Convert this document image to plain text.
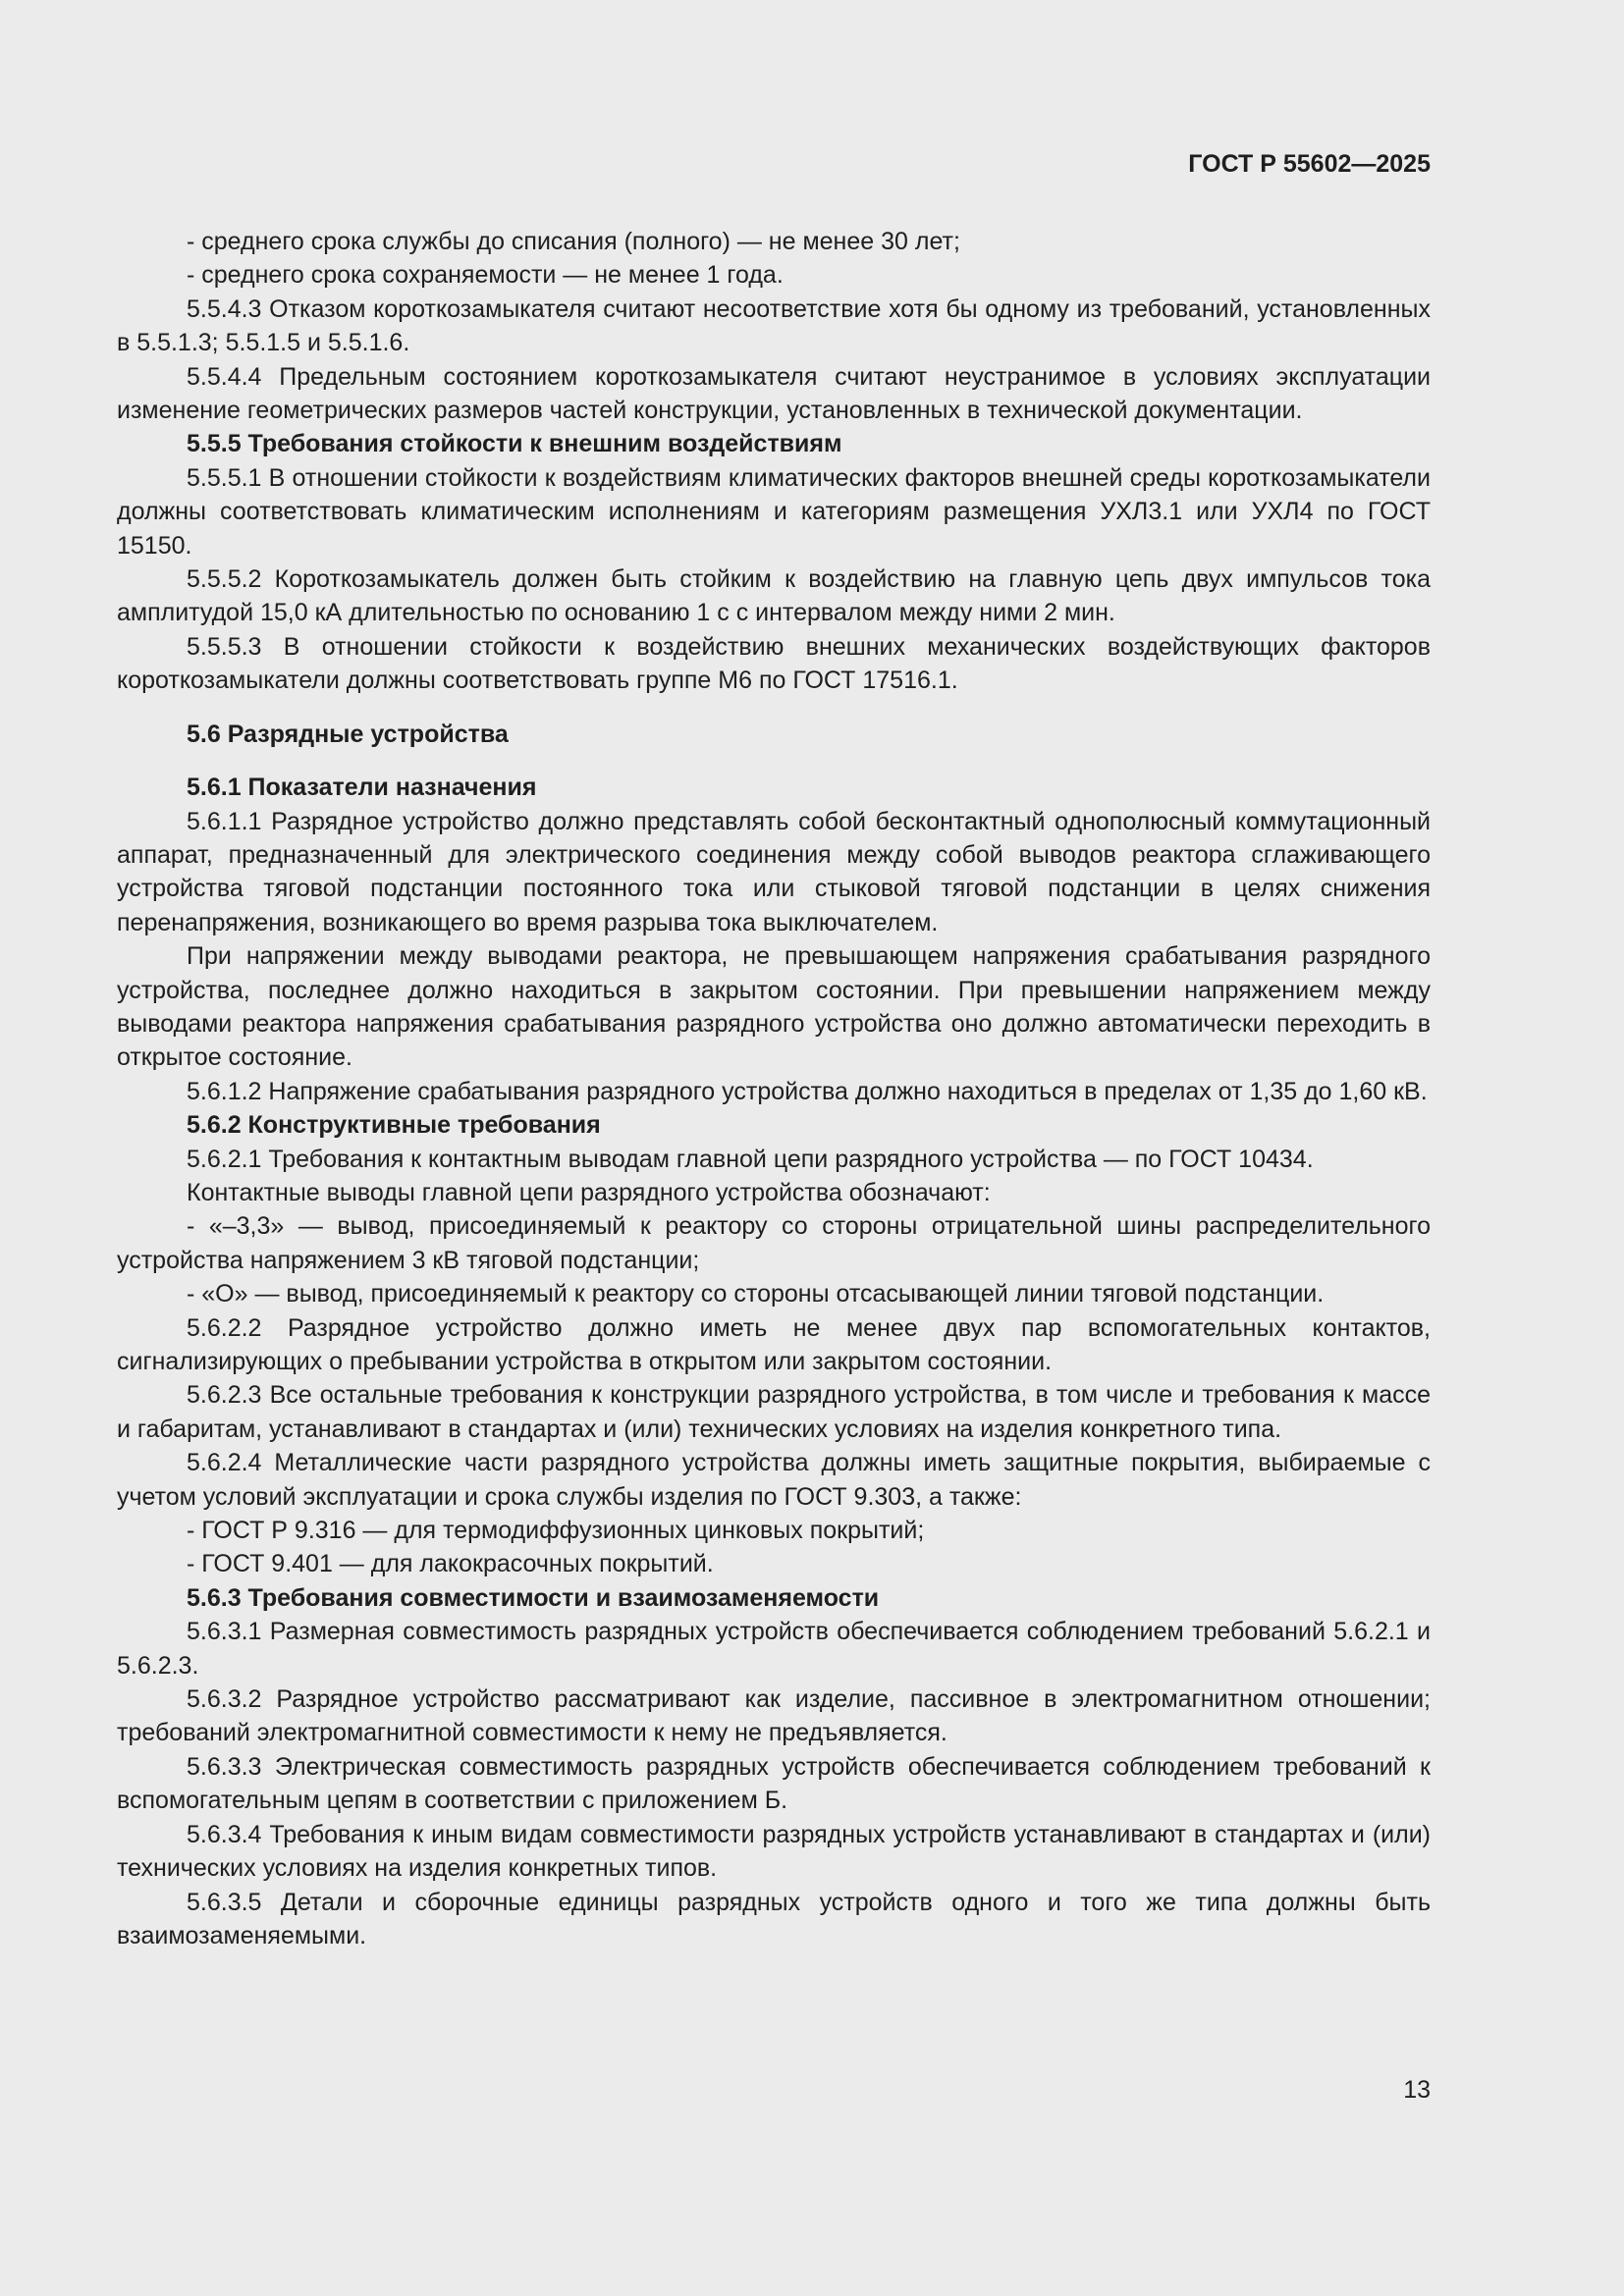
ГОСТ Р 55602—2025

- среднего срока службы до списания (полного) — не менее 30 лет;

- среднего срока сохраняемости — не менее 1 года.

5.5.4.3 Отказом короткозамыкателя считают несоответствие хотя бы одному из требований, установленных в 5.5.1.3; 5.5.1.5 и 5.5.1.6.

5.5.4.4 Предельным состоянием короткозамыкателя считают неустранимое в условиях эксплуатации изменение геометрических размеров частей конструкции, установленных в технической документации.

5.5.5 Требования стойкости к внешним воздействиям

5.5.5.1 В отношении стойкости к воздействиям климатических факторов внешней среды короткозамыкатели должны соответствовать климатическим исполнениям и категориям размещения УХЛ3.1 или УХЛ4 по ГОСТ 15150.

5.5.5.2 Короткозамыкатель должен быть стойким к воздействию на главную цепь двух импульсов тока амплитудой 15,0 кА длительностью по основанию 1 с с интервалом между ними 2 мин.

5.5.5.3 В отношении стойкости к воздействию внешних механических воздействующих факторов короткозамыкатели должны соответствовать группе М6 по ГОСТ 17516.1.

5.6 Разрядные устройства

5.6.1 Показатели назначения

5.6.1.1 Разрядное устройство должно представлять собой бесконтактный однополюсный коммутационный аппарат, предназначенный для электрического соединения между собой выводов реактора сглаживающего устройства тяговой подстанции постоянного тока или стыковой тяговой подстанции в целях снижения перенапряжения, возникающего во время разрыва тока выключателем.

При напряжении между выводами реактора, не превышающем напряжения срабатывания разрядного устройства, последнее должно находиться в закрытом состоянии. При превышении напряжением между выводами реактора напряжения срабатывания разрядного устройства оно должно автоматически переходить в открытое состояние.

5.6.1.2 Напряжение срабатывания разрядного устройства должно находиться в пределах от 1,35 до 1,60 кВ.

5.6.2 Конструктивные требования

5.6.2.1 Требования к контактным выводам главной цепи разрядного устройства — по ГОСТ 10434.

Контактные выводы главной цепи разрядного устройства обозначают:

- «–3,3» — вывод, присоединяемый к реактору со стороны отрицательной шины распределительного устройства напряжением 3 кВ тяговой подстанции;

- «О» — вывод, присоединяемый к реактору со стороны отсасывающей линии тяговой подстанции.

5.6.2.2 Разрядное устройство должно иметь не менее двух пар вспомогательных контактов, сигнализирующих о пребывании устройства в открытом или закрытом состоянии.

5.6.2.3 Все остальные требования к конструкции разрядного устройства, в том числе и требования к массе и габаритам, устанавливают в стандартах и (или) технических условиях на изделия конкретного типа.

5.6.2.4 Металлические части разрядного устройства должны иметь защитные покрытия, выбираемые с учетом условий эксплуатации и срока службы изделия по ГОСТ 9.303, а также:

- ГОСТ Р 9.316 — для термодиффузионных цинковых покрытий;

- ГОСТ 9.401 — для лакокрасочных покрытий.

5.6.3 Требования совместимости и взаимозаменяемости

5.6.3.1 Размерная совместимость разрядных устройств обеспечивается соблюдением требований 5.6.2.1 и 5.6.2.3.

5.6.3.2 Разрядное устройство рассматривают как изделие, пассивное в электромагнитном отношении; требований электромагнитной совместимости к нему не предъявляется.

5.6.3.3 Электрическая совместимость разрядных устройств обеспечивается соблюдением требований к вспомогательным цепям в соответствии с приложением Б.

5.6.3.4 Требования к иным видам совместимости разрядных устройств устанавливают в стандартах и (или) технических условиях на изделия конкретных типов.

5.6.3.5 Детали и сборочные единицы разрядных устройств одного и того же типа должны быть взаимозаменяемыми.

13
